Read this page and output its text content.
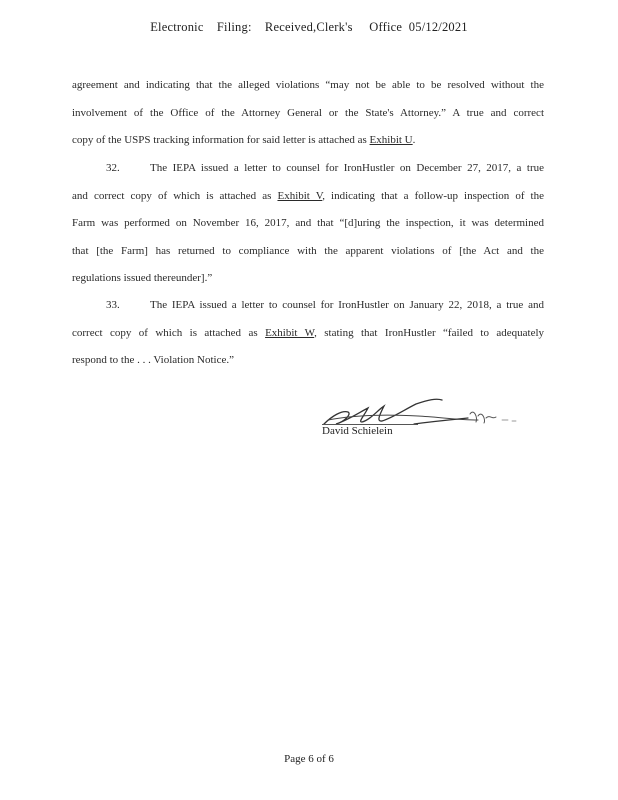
Electronic    Filing:    Received,Clerk's     Office  05/12/2021
agreement and indicating that the alleged violations “may not be able to be resolved without the
involvement of the Office of the Attorney General or the State's Attorney.” A true and correct
copy of the USPS tracking information for said letter is attached as Exhibit U.
32.	The IEPA issued a letter to counsel for IronHustler on December 27, 2017, a true
and correct copy of which is attached as Exhibit V, indicating that a follow-up inspection of the
Farm was performed on November 16, 2017, and that “[d]uring the inspection, it was determined
that [the Farm] has returned to compliance with the apparent violations of [the Act and the
regulations issued thereunder].”
33.	The IEPA issued a letter to counsel for IronHustler on January 22, 2018, a true and
correct copy of which is attached as Exhibit W, stating that IronHustler “failed to adequately
respond to the . . . Violation Notice.”
David Schielein
Page 6 of 6
